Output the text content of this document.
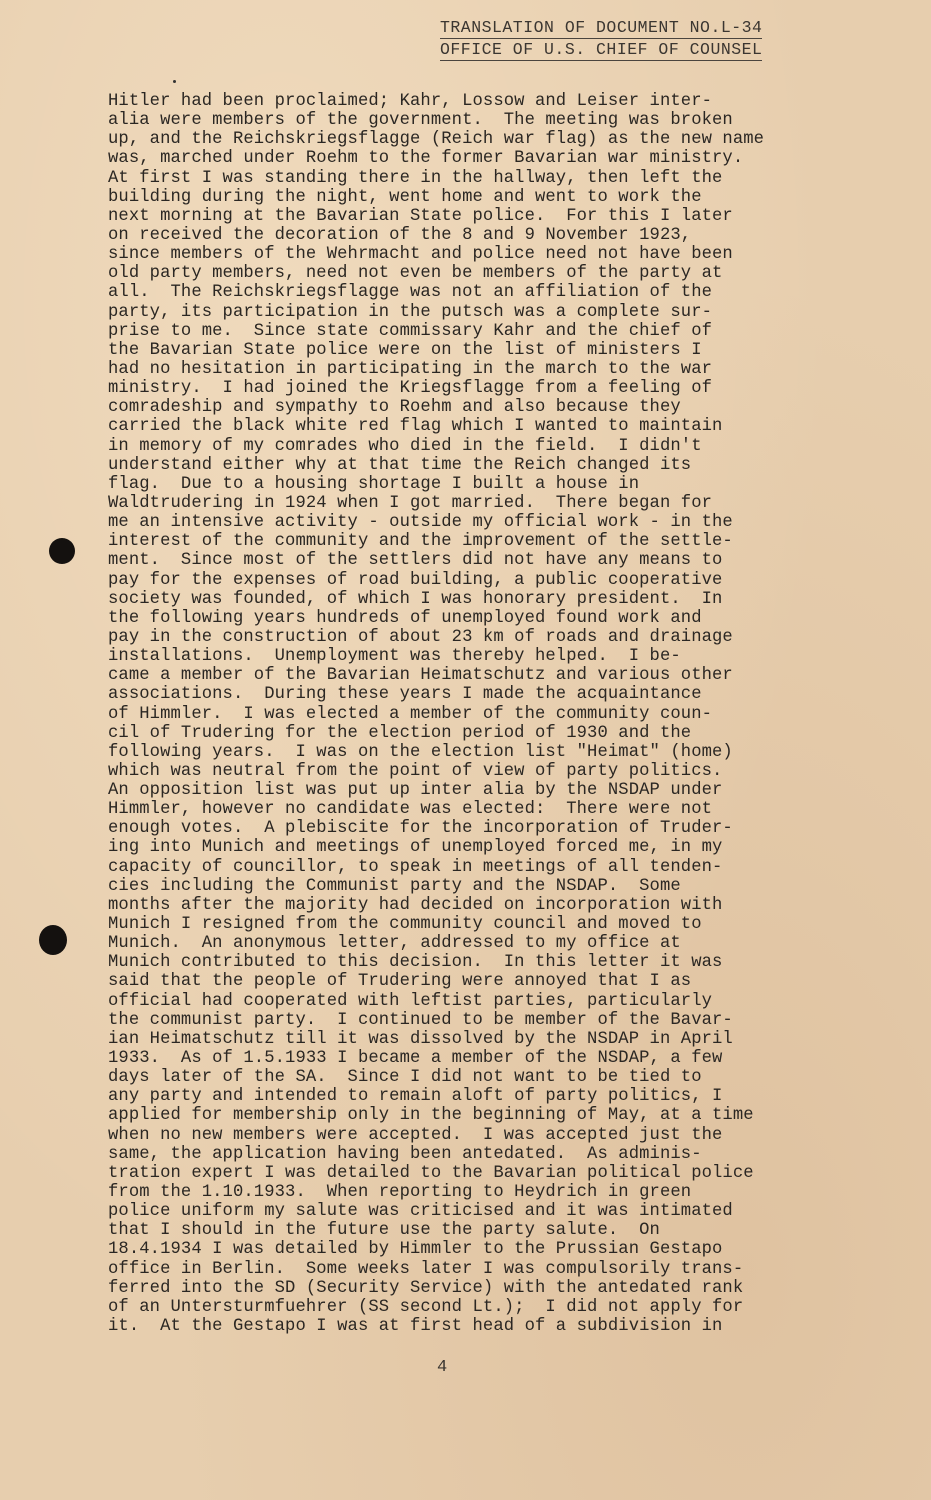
TRANSLATION OF DOCUMENT NO.L-34
OFFICE OF U.S. CHIEF OF COUNSEL
Hitler had been proclaimed; Kahr, Lossow and Leiser inter-
alia were members of the government.  The meeting was broken
up, and the Reichskriegsflagge (Reich war flag) as the new name
was, marched under Roehm to the former Bavarian war ministry.
At first I was standing there in the hallway, then left the
building during the night, went home and went to work the
next morning at the Bavarian State police.  For this I later
on received the decoration of the 8 and 9 November 1923,
since members of the Wehrmacht and police need not have been
old party members, need not even be members of the party at
all.  The Reichskriegsflagge was not an affiliation of the
party, its participation in the putsch was a complete sur-
prise to me.  Since state commissary Kahr and the chief of
the Bavarian State police were on the list of ministers I
had no hesitation in participating in the march to the war
ministry.  I had joined the Kriegsflagge from a feeling of
comradeship and sympathy to Roehm and also because they
carried the black white red flag which I wanted to maintain
in memory of my comrades who died in the field.  I didn't
understand either why at that time the Reich changed its
flag.  Due to a housing shortage I built a house in
Waldtrudering in 1924 when I got married.  There began for
me an intensive activity - outside my official work - in the
interest of the community and the improvement of the settle-
ment.  Since most of the settlers did not have any means to
pay for the expenses of road building, a public cooperative
society was founded, of which I was honorary president.  In
the following years hundreds of unemployed found work and
pay in the construction of about 23 km of roads and drainage
installations.  Unemployment was thereby helped.  I be-
came a member of the Bavarian Heimatschutz and various other
associations.  During these years I made the acquaintance
of Himmler.  I was elected a member of the community coun-
cil of Trudering for the election period of 1930 and the
following years.  I was on the election list "Heimat" (home)
which was neutral from the point of view of party politics.
An opposition list was put up inter alia by the NSDAP under
Himmler, however no candidate was elected:  There were not
enough votes.  A plebiscite for the incorporation of Truder-
ing into Munich and meetings of unemployed forced me, in my
capacity of councillor, to speak in meetings of all tenden-
cies including the Communist party and the NSDAP.  Some
months after the majority had decided on incorporation with
Munich I resigned from the community council and moved to
Munich.  An anonymous letter, addressed to my office at
Munich contributed to this decision.  In this letter it was
said that the people of Trudering were annoyed that I as
official had cooperated with leftist parties, particularly
the communist party.  I continued to be member of the Bavar-
ian Heimatschutz till it was dissolved by the NSDAP in April
1933.  As of 1.5.1933 I became a member of the NSDAP, a few
days later of the SA.  Since I did not want to be tied to
any party and intended to remain aloft of party politics, I
applied for membership only in the beginning of May, at a time
when no new members were accepted.  I was accepted just the
same, the application having been antedated.  As adminis-
tration expert I was detailed to the Bavarian political police
from the 1.10.1933.  When reporting to Heydrich in green
police uniform my salute was criticised and it was intimated
that I should in the future use the party salute.  On
18.4.1934 I was detailed by Himmler to the Prussian Gestapo
office in Berlin.  Some weeks later I was compulsorily trans-
ferred into the SD (Security Service) with the antedated rank
of an Untersturmfuehrer (SS second Lt.);  I did not apply for
it.  At the Gestapo I was at first head of a subdivision in
4
